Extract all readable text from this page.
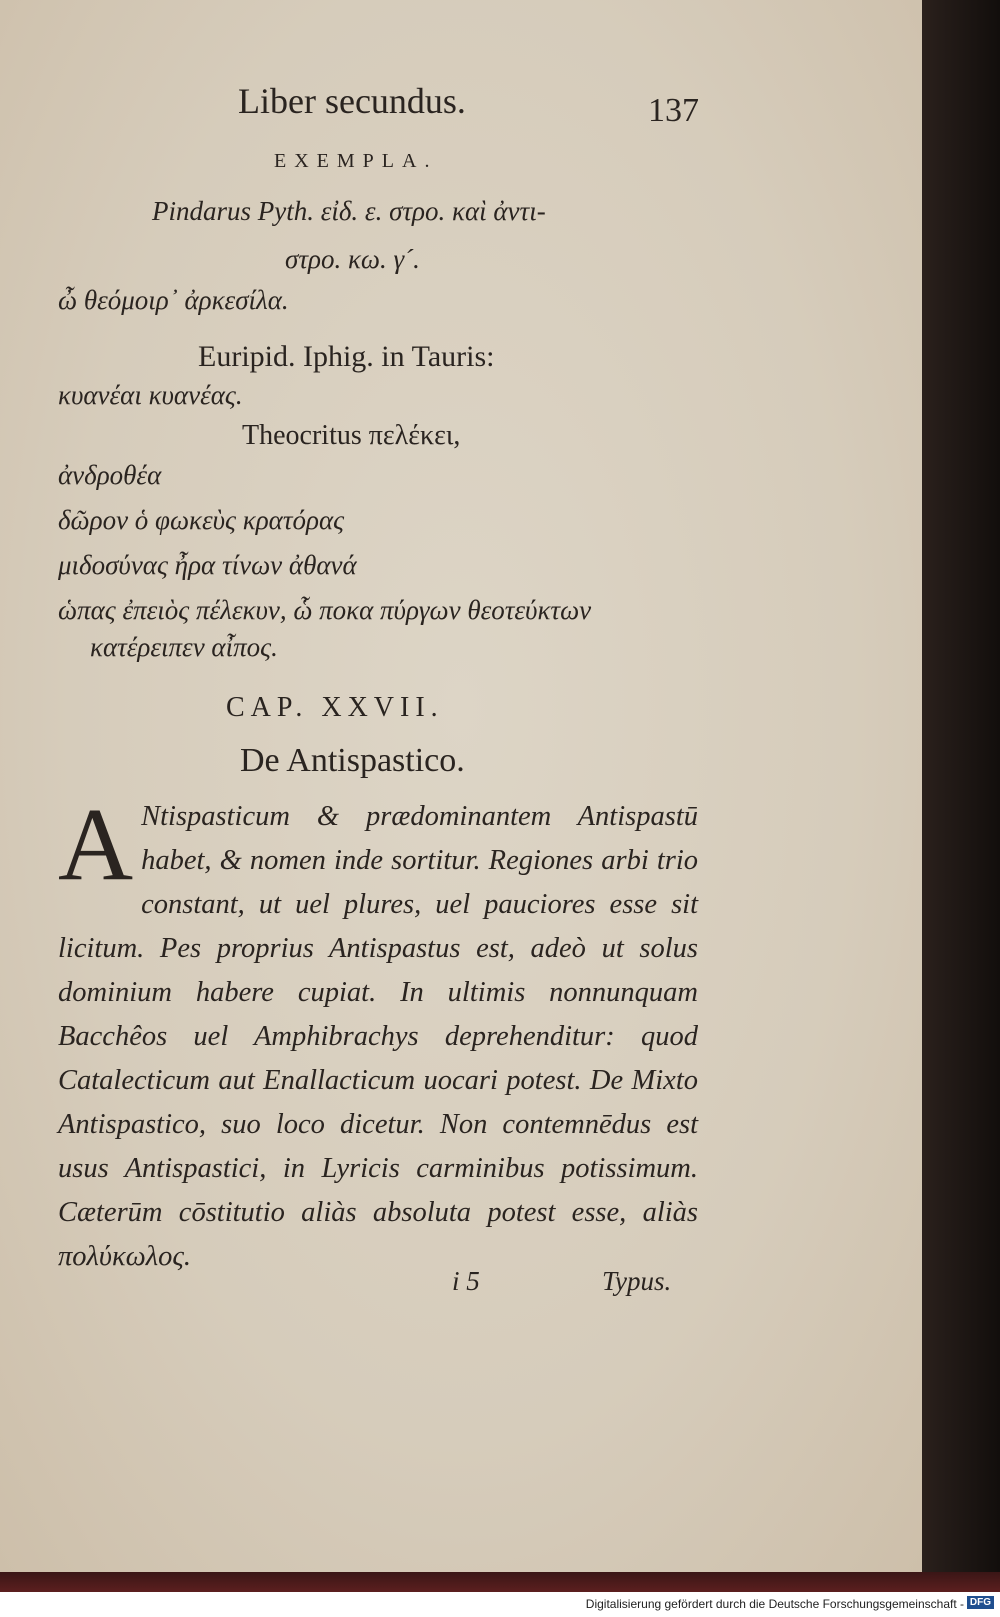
Liber secundus.	137
EXEMPLA.
Pindarus Pyth. εἰδ. ε. στρο. καὶ ἀντι-
στρο. κω. γ´.
ὦ θεόμοιρ᾽ ἀρκεσίλα.
Euripid. Iphig. in Tauris:
κυανέαι κυανέας.
Theocritus πελέκει,
ἀνδροθέα
δῶρον ὁ φωκεὺς κρατόρας
μιδοσύνας ἦρα τίνων ἀθανά
ὡπας ἐπειὸς πέλεκυν, ὧ ποκα πύργων θεοτεύκτων
κατέρειπεν αἶπος.
CAP. XXVII.
De Antispastico.
A Ntispasticum & prædominantem Antispastū habet, & nomen inde sortitur. Regiones arbi trio constant, ut uel plures, uel pauciores esse sit licitum. Pes proprius Antispastus est, adeò ut solus dominium habere cupiat. In ultimis nonnunquam Bacchêos uel Amphibrachys deprehenditur: quod Catalecticum aut Enallacticum uocari potest. De Mixto Antispastico, suo loco dicetur. Non contemnēdus est usus Antispastici, in Lyricis carminibus potissimum. Cæterūm cōstitutio aliàs absoluta potest esse, aliàs πολύκωλος.
i 5	Typus.
Digitalisierung gefördert durch die Deutsche Forschungsgemeinschaft - DFG
